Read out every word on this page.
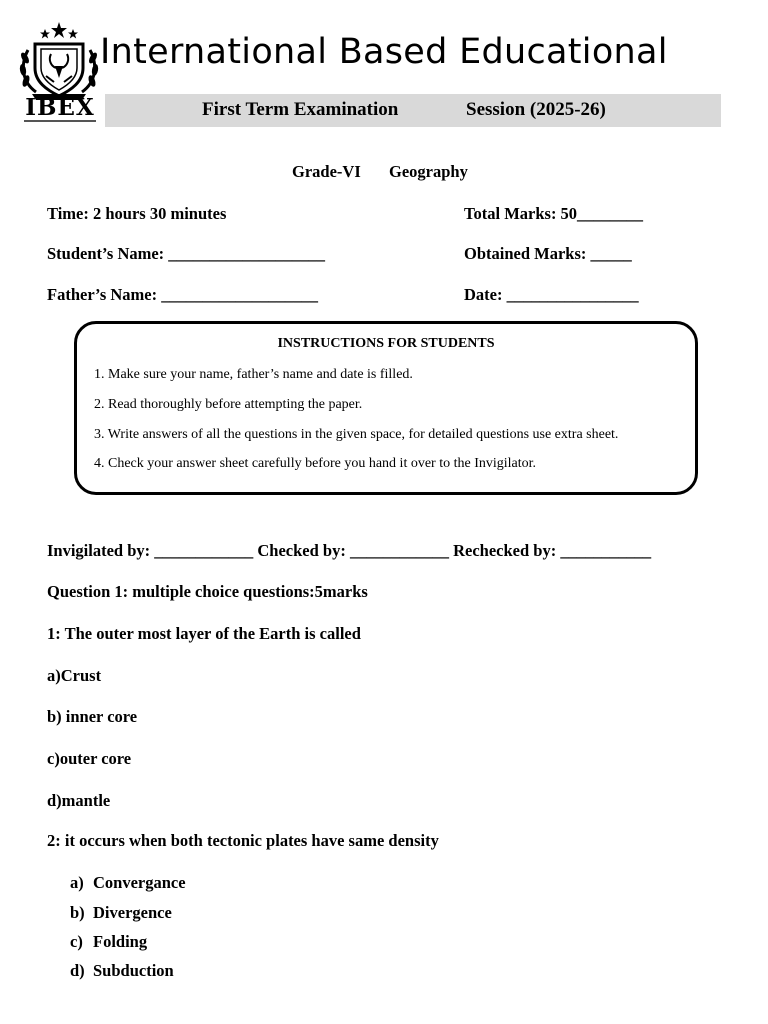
IBEX
International Based Educational
First Term Examination	Session (2025-26)
Grade-VI Geography
Time: 2 hours 30 minutes	Total Marks: 50________
Student’s Name: ___________________	Obtained Marks: _____
Father’s Name: ___________________	Date: ________________
INSTRUCTIONS FOR STUDENTS
1. Make sure your name, father’s name and date is filled.
2. Read thoroughly before attempting the paper.
3. Write answers of all the questions in the given space, for detailed questions use extra sheet.
4. Check your answer sheet carefully before you hand it over to the Invigilator.
Invigilated by: ____________ Checked by: ____________ Rechecked by: ___________
Question 1: multiple choice questions:5marks
1: The outer most layer of the Earth is called
a)Crust
b) inner core
c)outer core
d)mantle
2: it occurs when both tectonic plates have same density
a) Convergance
b) Divergence
c) Folding
d) Subduction
